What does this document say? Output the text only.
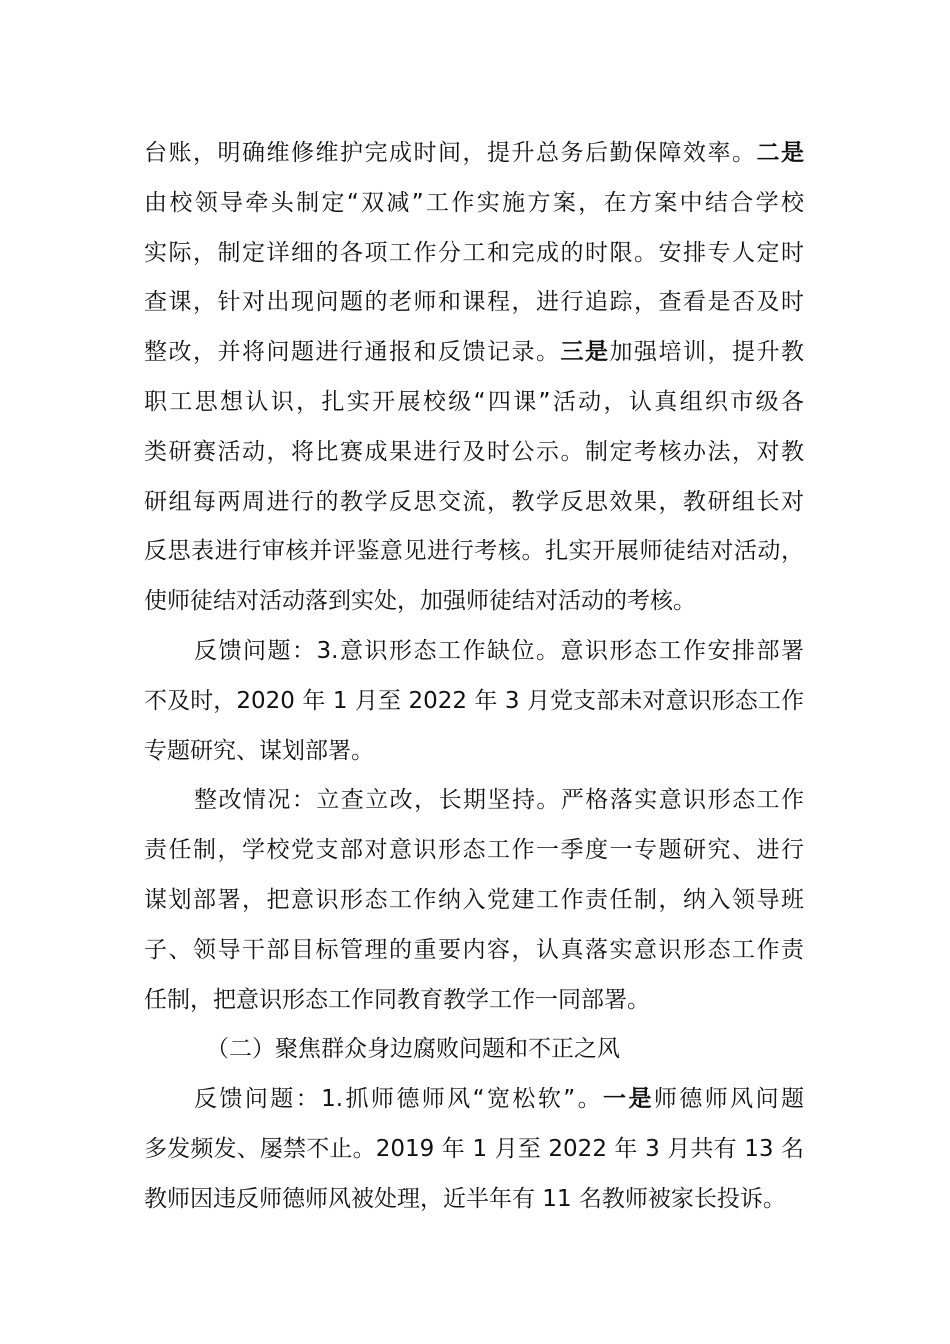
台账，明确维修维护完成时间，提升总务后勤保障效率。二是
由校领导牵头制定“双减”工作实施方案，在方案中结合学校
实际，制定详细的各项工作分工和完成的时限。安排专人定时
查课，针对出现问题的老师和课程，进行追踪，查看是否及时
整改，并将问题进行通报和反馈记录。三是加强培训，提升教
职工思想认识，扎实开展校级“四课”活动，认真组织市级各
类研赛活动，将比赛成果进行及时公示。制定考核办法，对教
研组每两周进行的教学反思交流，教学反思效果，教研组长对
反思表进行审核并评鉴意见进行考核。扎实开展师徒结对活动，
使师徒结对活动落到实处，加强师徒结对活动的考核。
反馈问题：3.意识形态工作缺位。意识形态工作安排部署
不及时，2020 年 1 月至 2022 年 3 月党支部未对意识形态工作
专题研究、谋划部署。
整改情况：立查立改，长期坚持。严格落实意识形态工作
责任制，学校党支部对意识形态工作一季度一专题研究、进行
谋划部署，把意识形态工作纳入党建工作责任制，纳入领导班
子、领导干部目标管理的重要内容，认真落实意识形态工作责
任制，把意识形态工作同教育教学工作一同部署。
（二）聚焦群众身边腐败问题和不正之风
反馈问题：1.抓师德师风“宽松软”。一是师德师风问题
多发频发、屡禁不止。2019 年 1 月至 2022 年 3 月共有 13 名
教师因违反师德师风被处理，近半年有 11 名教师被家长投诉。
